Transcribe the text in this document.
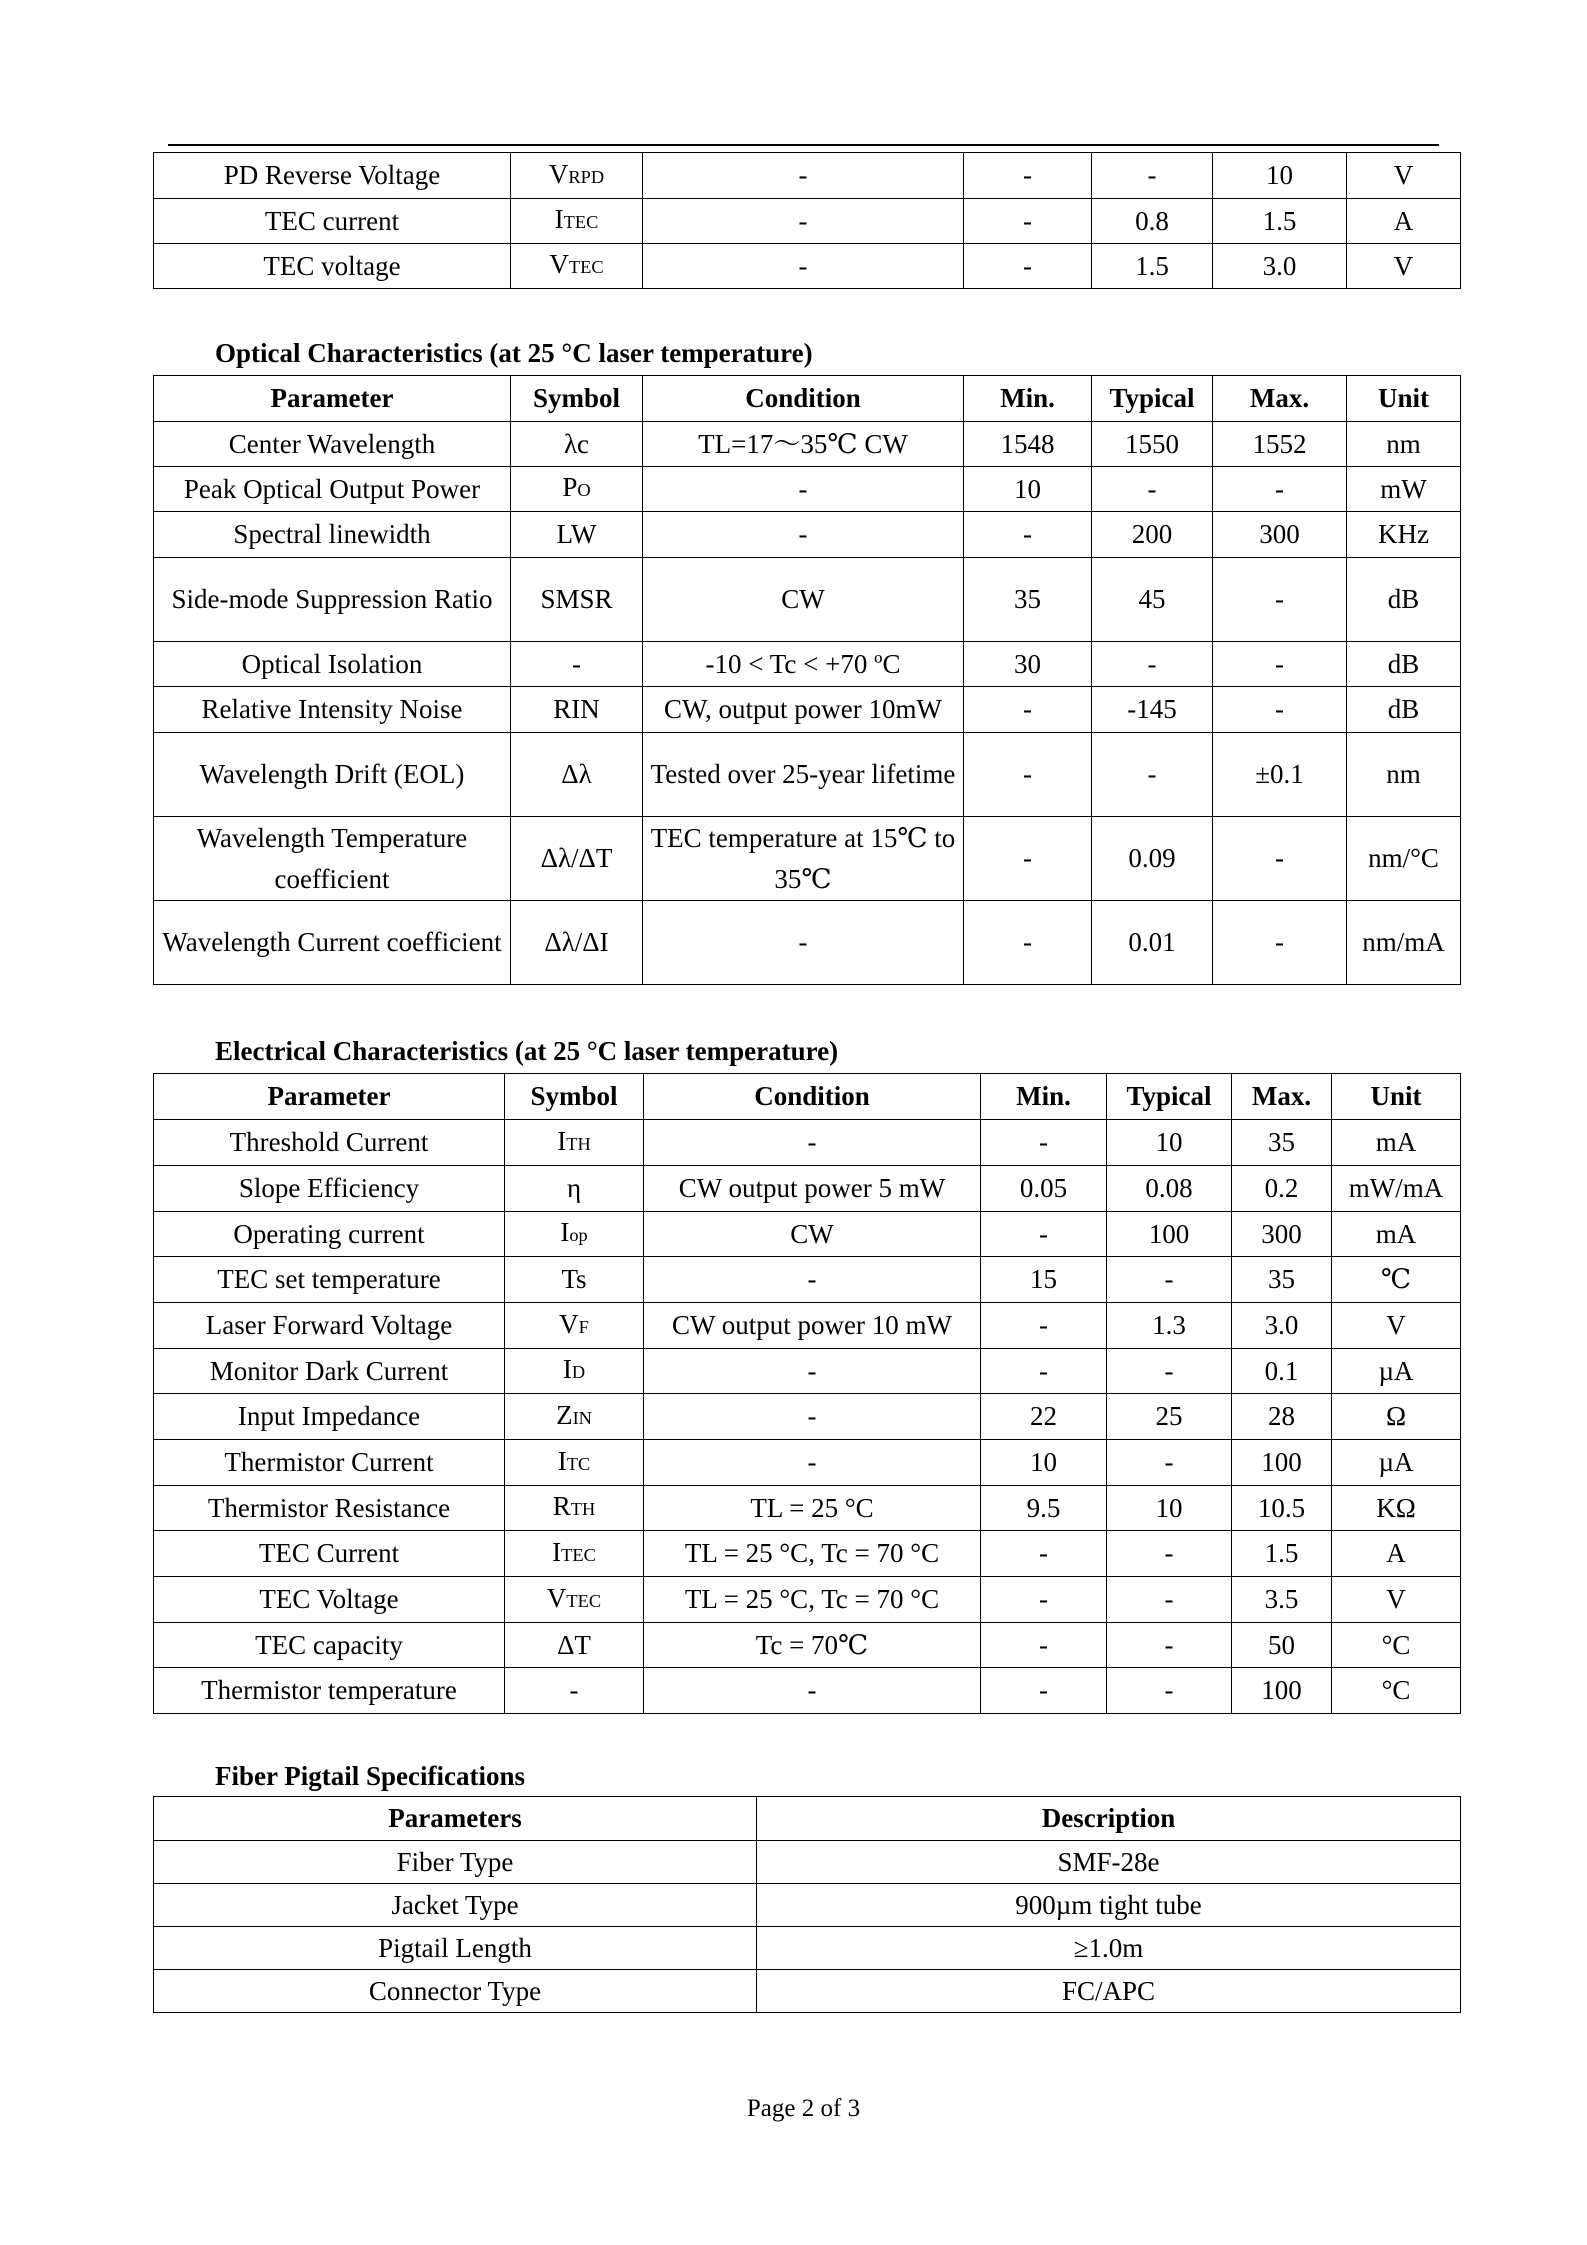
PD Reverse Voltage	VRPD	-	-	-	10	V
TEC current	ITEC	-	-	0.8	1.5	A
TEC voltage	VTEC	-	-	1.5	3.0	V
Optical Characteristics (at 25 °C laser temperature)
Parameter	Symbol	Condition	Min.	Typical	Max.	Unit
Center Wavelength	λc	TL=17～35℃ CW	1548	1550	1552	nm
Peak Optical Output Power	PO	-	10	-	-	mW
Spectral linewidth	LW	-	-	200	300	KHz
Side-mode Suppression Ratio	SMSR	CW	35	45	-	dB
Optical Isolation	-	-10 < Tc < +70 ºC	30	-	-	dB
Relative Intensity Noise	RIN	CW, output power 10mW	-	-145	-	dB
Wavelength Drift (EOL)	Δλ	Tested over 25-year lifetime	-	-	±0.1	nm
Wavelength Temperature coefficient	Δλ/ΔT	TEC temperature at 15℃ to 35℃	-	0.09	-	nm/°C
Wavelength Current coefficient	Δλ/ΔI	-	-	0.01	-	nm/mA
Electrical Characteristics (at 25 °C laser temperature)
Parameter	Symbol	Condition	Min.	Typical	Max.	Unit
Threshold Current	ITH	-	-	10	35	mA
Slope Efficiency	η	CW output power 5 mW	0.05	0.08	0.2	mW/mA
Operating current	Iop	CW	-	100	300	mA
TEC set temperature	Ts	-	15	-	35	℃
Laser Forward Voltage	VF	CW output power 10 mW	-	1.3	3.0	V
Monitor Dark Current	ID	-	-	-	0.1	µA
Input Impedance	ZIN	-	22	25	28	Ω
Thermistor Current	ITC	-	10	-	100	µA
Thermistor Resistance	RTH	TL = 25 °C	9.5	10	10.5	KΩ
TEC Current	ITEC	TL = 25 °C, Tc = 70 °C	-	-	1.5	A
TEC Voltage	VTEC	TL = 25 °C, Tc = 70 °C	-	-	3.5	V
TEC capacity	ΔT	Tc = 70℃	-	-	50	°C
Thermistor temperature	-	-	-	-	100	°C
Fiber Pigtail Specifications
Parameters	Description
Fiber Type	SMF-28e
Jacket Type	900µm tight tube
Pigtail Length	≥1.0m
Connector Type	FC/APC
Page 2 of 3
